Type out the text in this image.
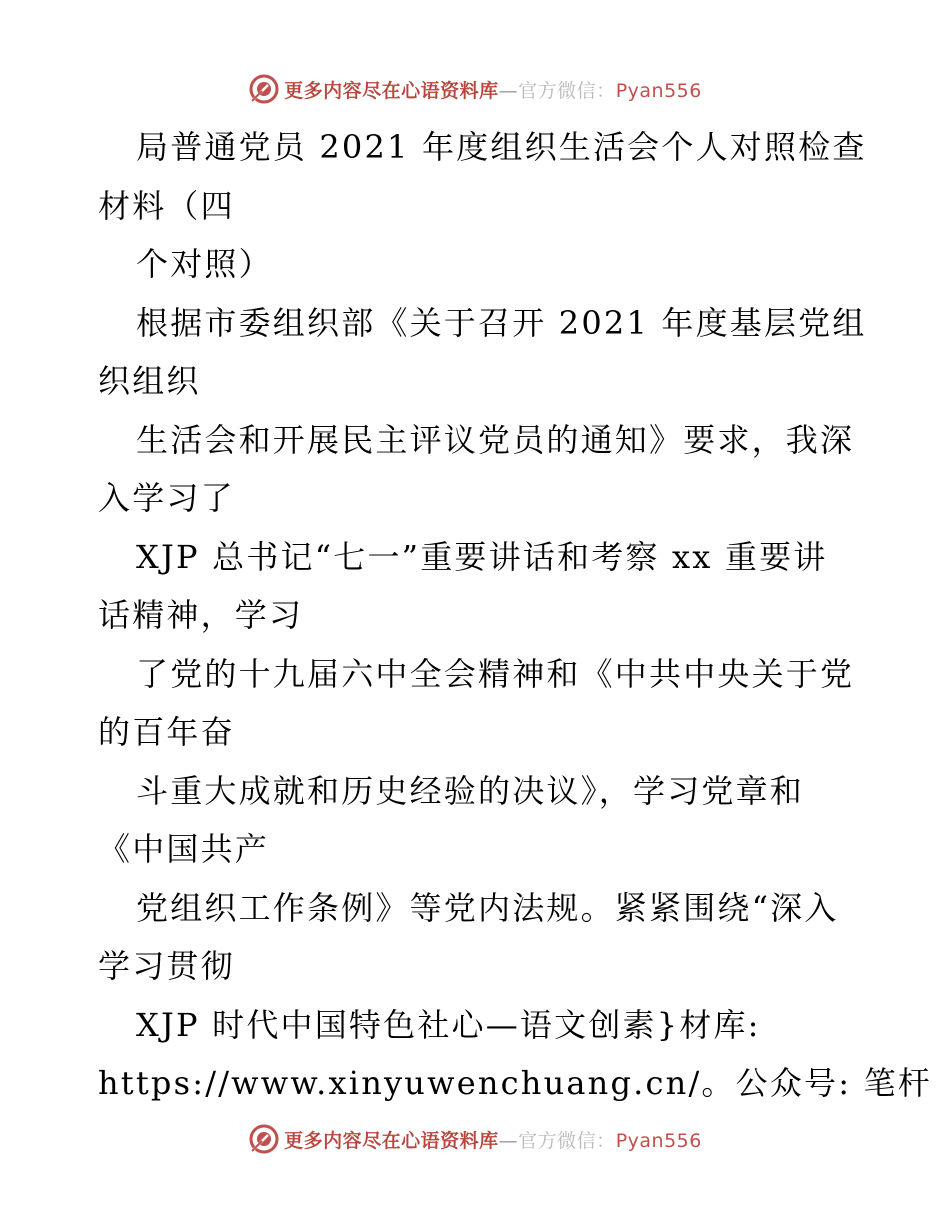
更多内容尽在心语资料库—官方微信：Pyan556
局普通党员 2021 年度组织生活会个人对照检查
材料（四
个对照）
根据市委组织部《关于召开 2021 年度基层党组
织组织
生活会和开展民主评议党员的通知》要求，我深
入学习了
XJP 总书记“七一”重要讲话和考察 xx 重要讲
话精神，学习
了党的十九届六中全会精神和《中共中央关于党
的百年奋
斗重大成就和历史经验的决议》，学习党章和
《中国共产
党组织工作条例》等党内法规。紧紧围绕“深入
学习贯彻
XJP 时代中国特色社心—语文创素}材库:
https://www.xinyuwenchuang.cn/。公众号: 笔杆
更多内容尽在心语资料库—官方微信：Pyan556
